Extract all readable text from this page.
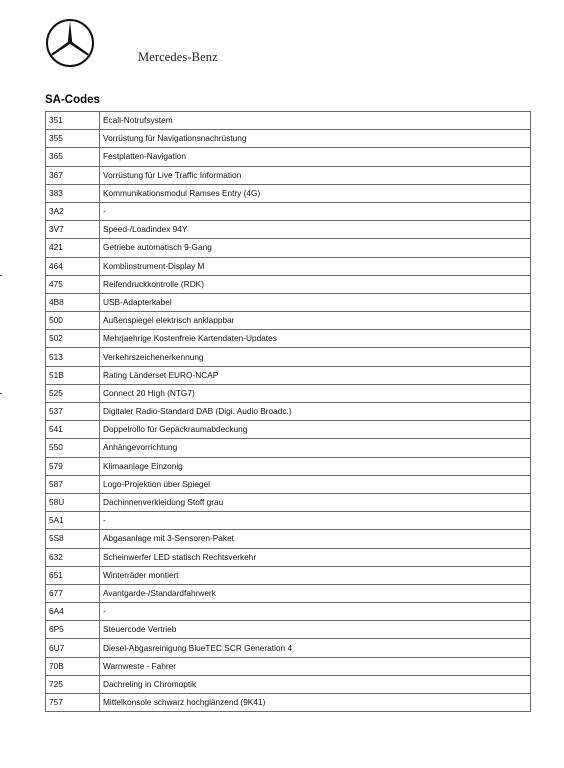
Mercedes-Benz
SA-Codes
351	Ecall-Notrufsystem
355	Vorrüstung für Navigationsnachrüstung
365	Festplatten-Navigation
367	Vorrüstung für Live Traffic Information
383	Kommunikationsmodul Ramses Entry (4G)
3A2	-
3V7	Speed-/Loadindex 94Y
421	Getriebe automatisch 9-Gang
464	Kombiinstrument-Display M
475	Reifendruckkontrolle (RDK)
4B8	USB-Adapterkabel
500	Außenspiegel elektrisch anklappbar
502	Mehrjaehrige Kostenfreie Kartendaten-Updates
513	Verkehrszeichenerkennung
51B	Rating Länderset EURO-NCAP
525	Connect 20 High (NTG7)
537	Digitaler Radio-Standard DAB (Digi. Audio Broadc.)
541	Doppelrollo für Gepäckraumabdeckung
550	Anhängevorrichtung
579	Klimaanlage Einzonig
587	Logo-Projektion über Spiegel
58U	Dachinnenverkleidung Stoff grau
5A1	-
5S8	Abgasanlage mit 3-Sensoren-Paket
632	Scheinwerfer LED statisch Rechtsverkehr
651	Winterräder montiert
677	Avantgarde-/Standardfahrwerk
6A4	-
6P5	Steuercode Vertrieb
6U7	Diesel-Abgasreinigung BlueTEC SCR Generation 4
70B	Warnweste - Fahrer
725	Dachreling in Chromoptik
757	Mittelkonsole schwarz hochglänzend (9K41)
